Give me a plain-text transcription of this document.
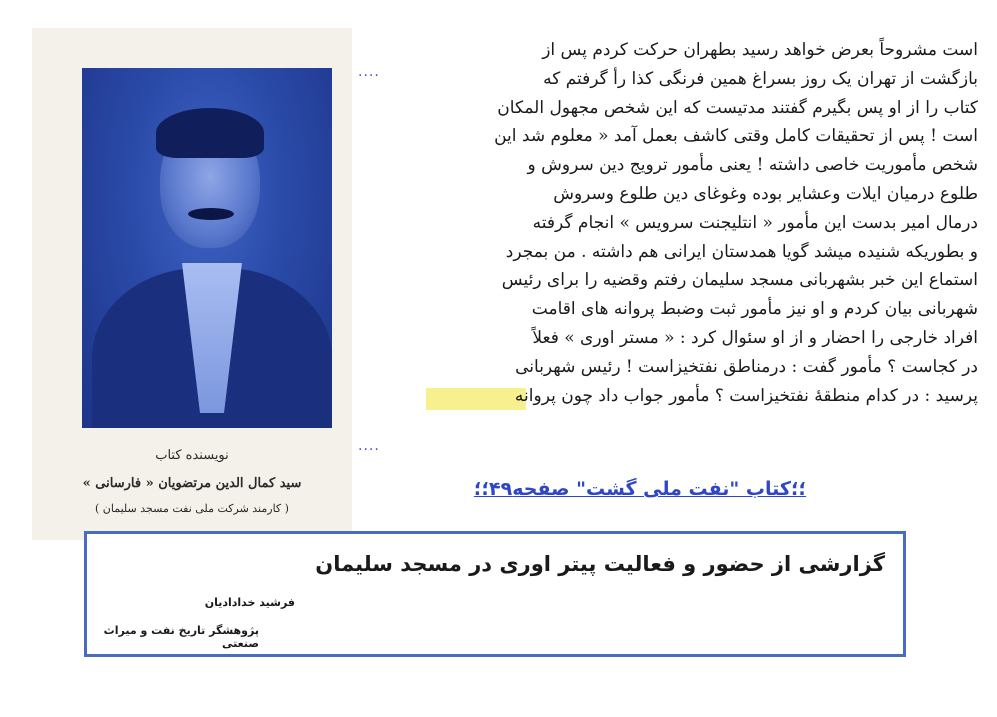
نویسنده کتاب
سید کمال الدین مرتضویان « فارسانی »
( کارمند شرکت ملی نفت مسجد سلیمان )
است مشروحاً بعرض خواهد رسید بطهران حرکت کردم پس از
بازگشت از تهران یک روز بسراغ همین فرنگی کذا رأ گرفتم که
کتاب را از او پس بگیرم گفتند مدتیست که این شخص مجهول المکان
است ! پس از تحقیقات کامل وقتی کاشف بعمل آمد « معلوم شد این
شخص مأموریت خاصی داشته ! یعنی مأمور ترویج دین سروش و
طلوع درمیان ایلات وعشایر بوده وغوغای دین طلوع وسروش
درمال امیر بدست این مأمور « انتلیجنت سرویس » انجام گرفته
و بطوریکه شنیده میشد گویا همدستان ایرانی هم داشته . من بمجرد
استماع این خبر بشهربانی مسجد سلیمان رفتم وقضیه را برای رئیس
شهربانی بیان کردم و او نیز مأمور ثبت وضبط پروانه های اقامت
افراد خارجی را احضار و از او سئوال کرد : « مستر اوری » فعلاً
در کجاست ؟ مأمور گفت : درمناطق نفتخیزاست ! رئیس شهربانی
پرسید : در کدام منطقهٔ نفتخیزاست ؟ مأمور جواب داد چون پروانه
....
....
؛؛کتاب "نفت ملی گشت" صفحه۴۹؛؛
گزارشی از حضور و فعالیت پیتر اوری در مسجد سلیمان
فرشید خدادادیان
پژوهشگر تاریخ نفت و میراث صنعتی
